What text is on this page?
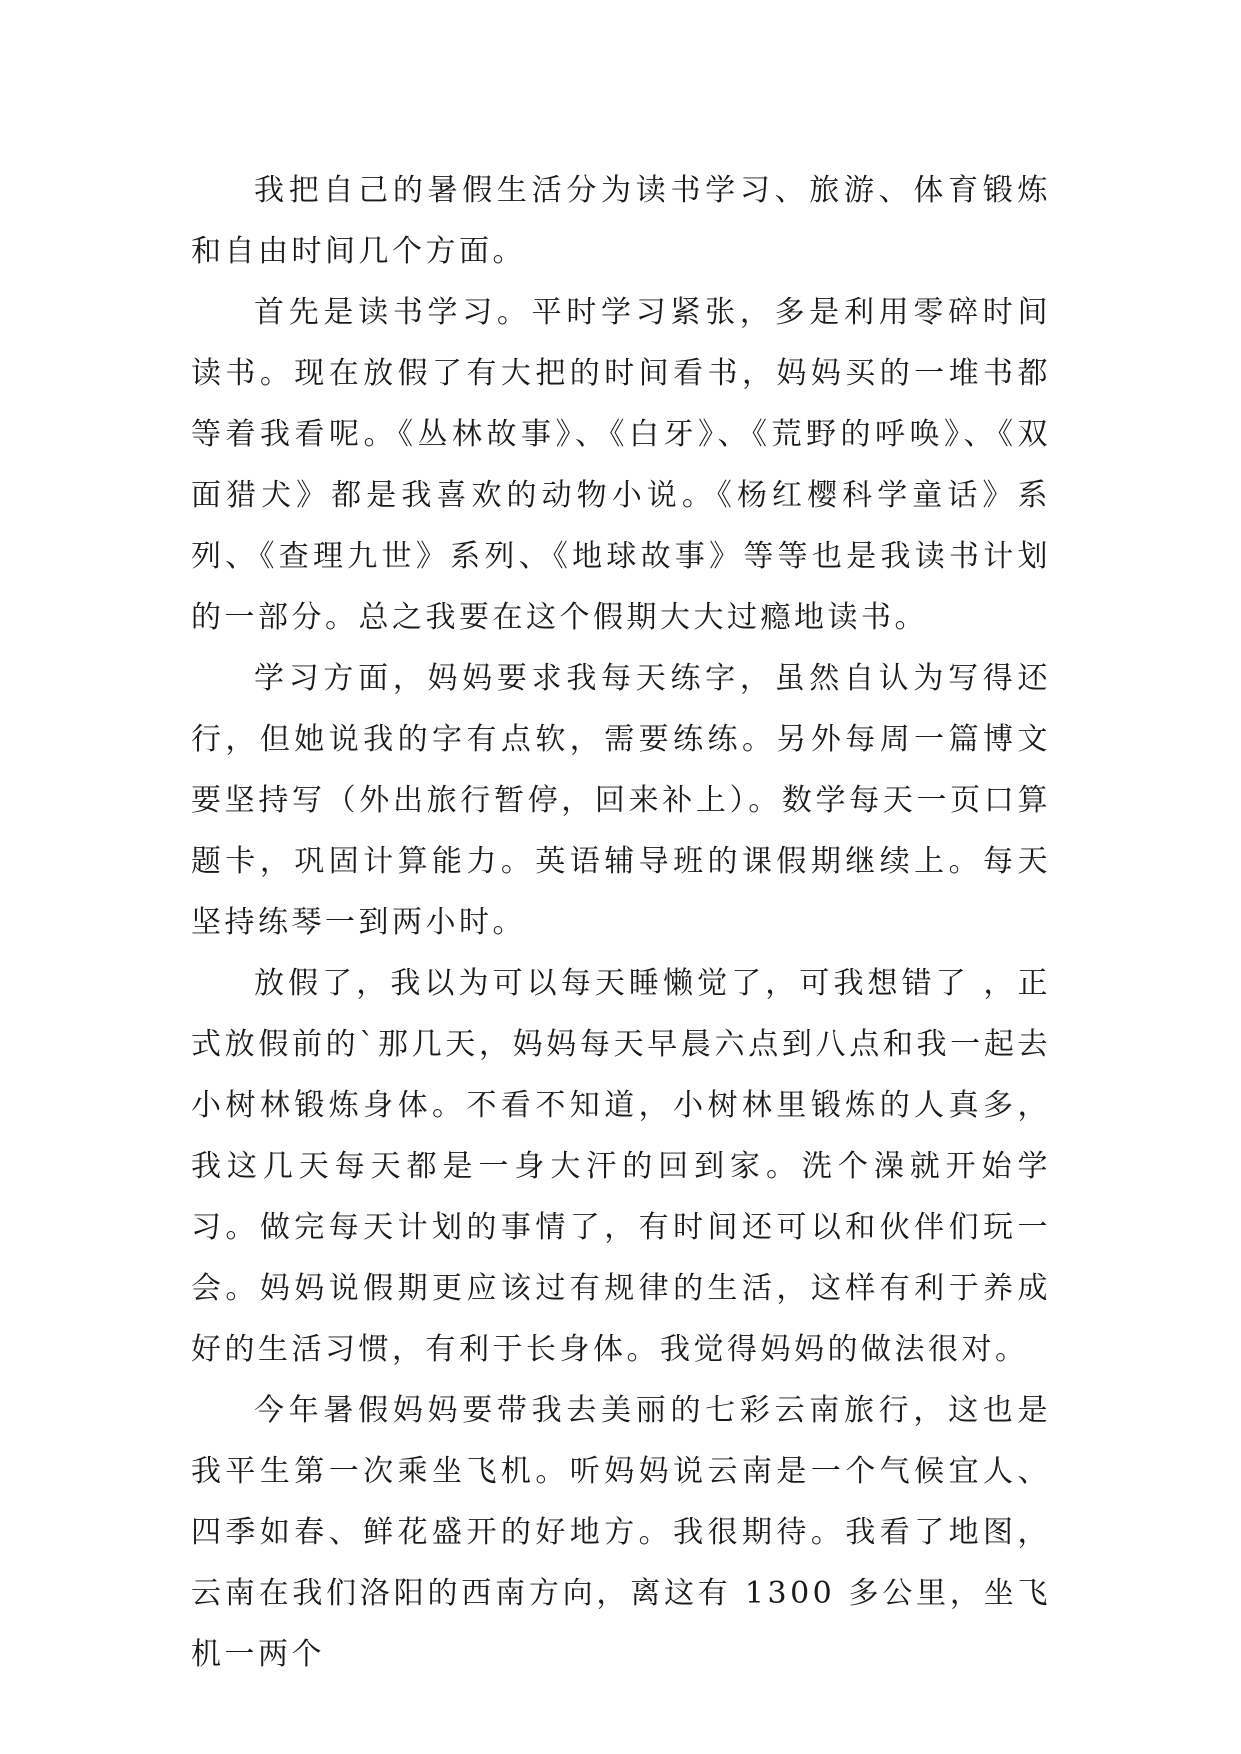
我把自己的暑假生活分为读书学习、旅游、体育锻炼和自由时间几个方面。

首先是读书学习。平时学习紧张，多是利用零碎时间读书。现在放假了有大把的时间看书，妈妈买的一堆书都等着我看呢。《丛林故事》、《白牙》、《荒野的呼唤》、《双面猎犬》都是我喜欢的动物小说。《杨红樱科学童话》系列、《查理九世》系列、《地球故事》等等也是我读书计划的一部分。总之我要在这个假期大大过瘾地读书。

学习方面，妈妈要求我每天练字，虽然自认为写得还行，但她说我的字有点软，需要练练。另外每周一篇博文要坚持写（外出旅行暂停，回来补上）。数学每天一页口算题卡，巩固计算能力。英语辅导班的课假期继续上。每天坚持练琴一到两小时。

放假了，我以为可以每天睡懒觉了，可我想错了 ，正式放假前的`那几天，妈妈每天早晨六点到八点和我一起去小树林锻炼身体。不看不知道，小树林里锻炼的人真多，我这几天每天都是一身大汗的回到家。洗个澡就开始学习。做完每天计划的事情了，有时间还可以和伙伴们玩一会。妈妈说假期更应该过有规律的生活，这样有利于养成好的生活习惯，有利于长身体。我觉得妈妈的做法很对。

今年暑假妈妈要带我去美丽的七彩云南旅行，这也是我平生第一次乘坐飞机。听妈妈说云南是一个气候宜人、四季如春、鲜花盛开的好地方。我很期待。我看了地图，云南在我们洛阳的西南方向，离这有 1300 多公里，坐飞机一两个
